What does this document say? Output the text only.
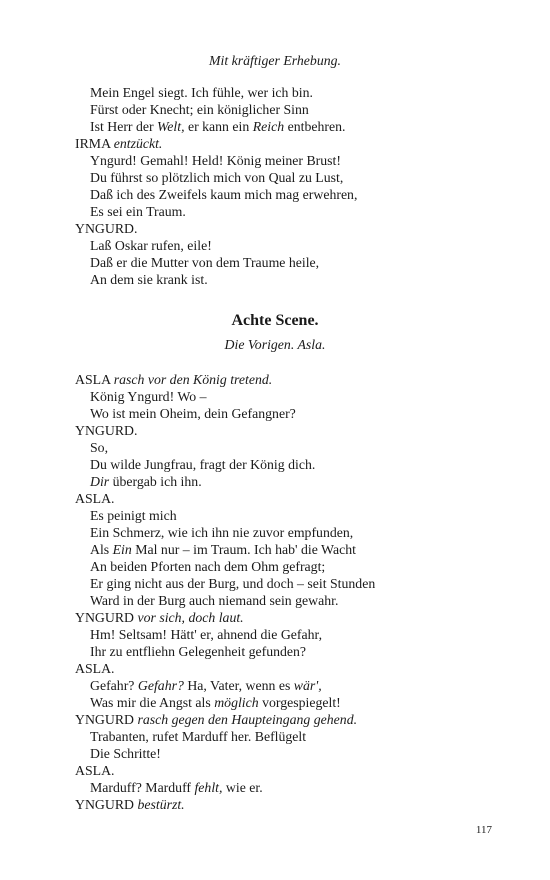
Mit kräftiger Erhebung.
Mein Engel siegt. Ich fühle, wer ich bin.
Fürst oder Knecht; ein königlicher Sinn
Ist Herr der Welt, er kann ein Reich entbehren.
IRMA entzückt.
Yngurd! Gemahl! Held! König meiner Brust!
Du führst so plötzlich mich von Qual zu Lust,
Daß ich des Zweifels kaum mich mag erwehren,
Es sei ein Traum.
YNGURD.
Laß Oskar rufen, eile!
Daß er die Mutter von dem Traume heile,
An dem sie krank ist.
Achte Scene.
Die Vorigen. Asla.
ASLA rasch vor den König tretend.
König Yngurd! Wo –
Wo ist mein Oheim, dein Gefangner?
YNGURD.
So,
Du wilde Jungfrau, fragt der König dich.
Dir übergab ich ihn.
ASLA.
Es peinigt mich
Ein Schmerz, wie ich ihn nie zuvor empfunden,
Als Ein Mal nur – im Traum. Ich hab' die Wacht
An beiden Pforten nach dem Ohm gefragt;
Er ging nicht aus der Burg, und doch – seit Stunden
Ward in der Burg auch niemand sein gewahr.
YNGURD vor sich, doch laut.
Hm! Seltsam! Hätt' er, ahnend die Gefahr,
Ihr zu entfliehn Gelegenheit gefunden?
ASLA.
Gefahr? Gefahr? Ha, Vater, wenn es wär',
Was mir die Angst als möglich vorgespiegelt!
YNGURD rasch gegen den Haupteingang gehend.
Trabanten, rufet Marduff her. Beflügelt
Die Schritte!
ASLA.
Marduff? Marduff fehlt, wie er.
YNGURD bestürzt.
117
